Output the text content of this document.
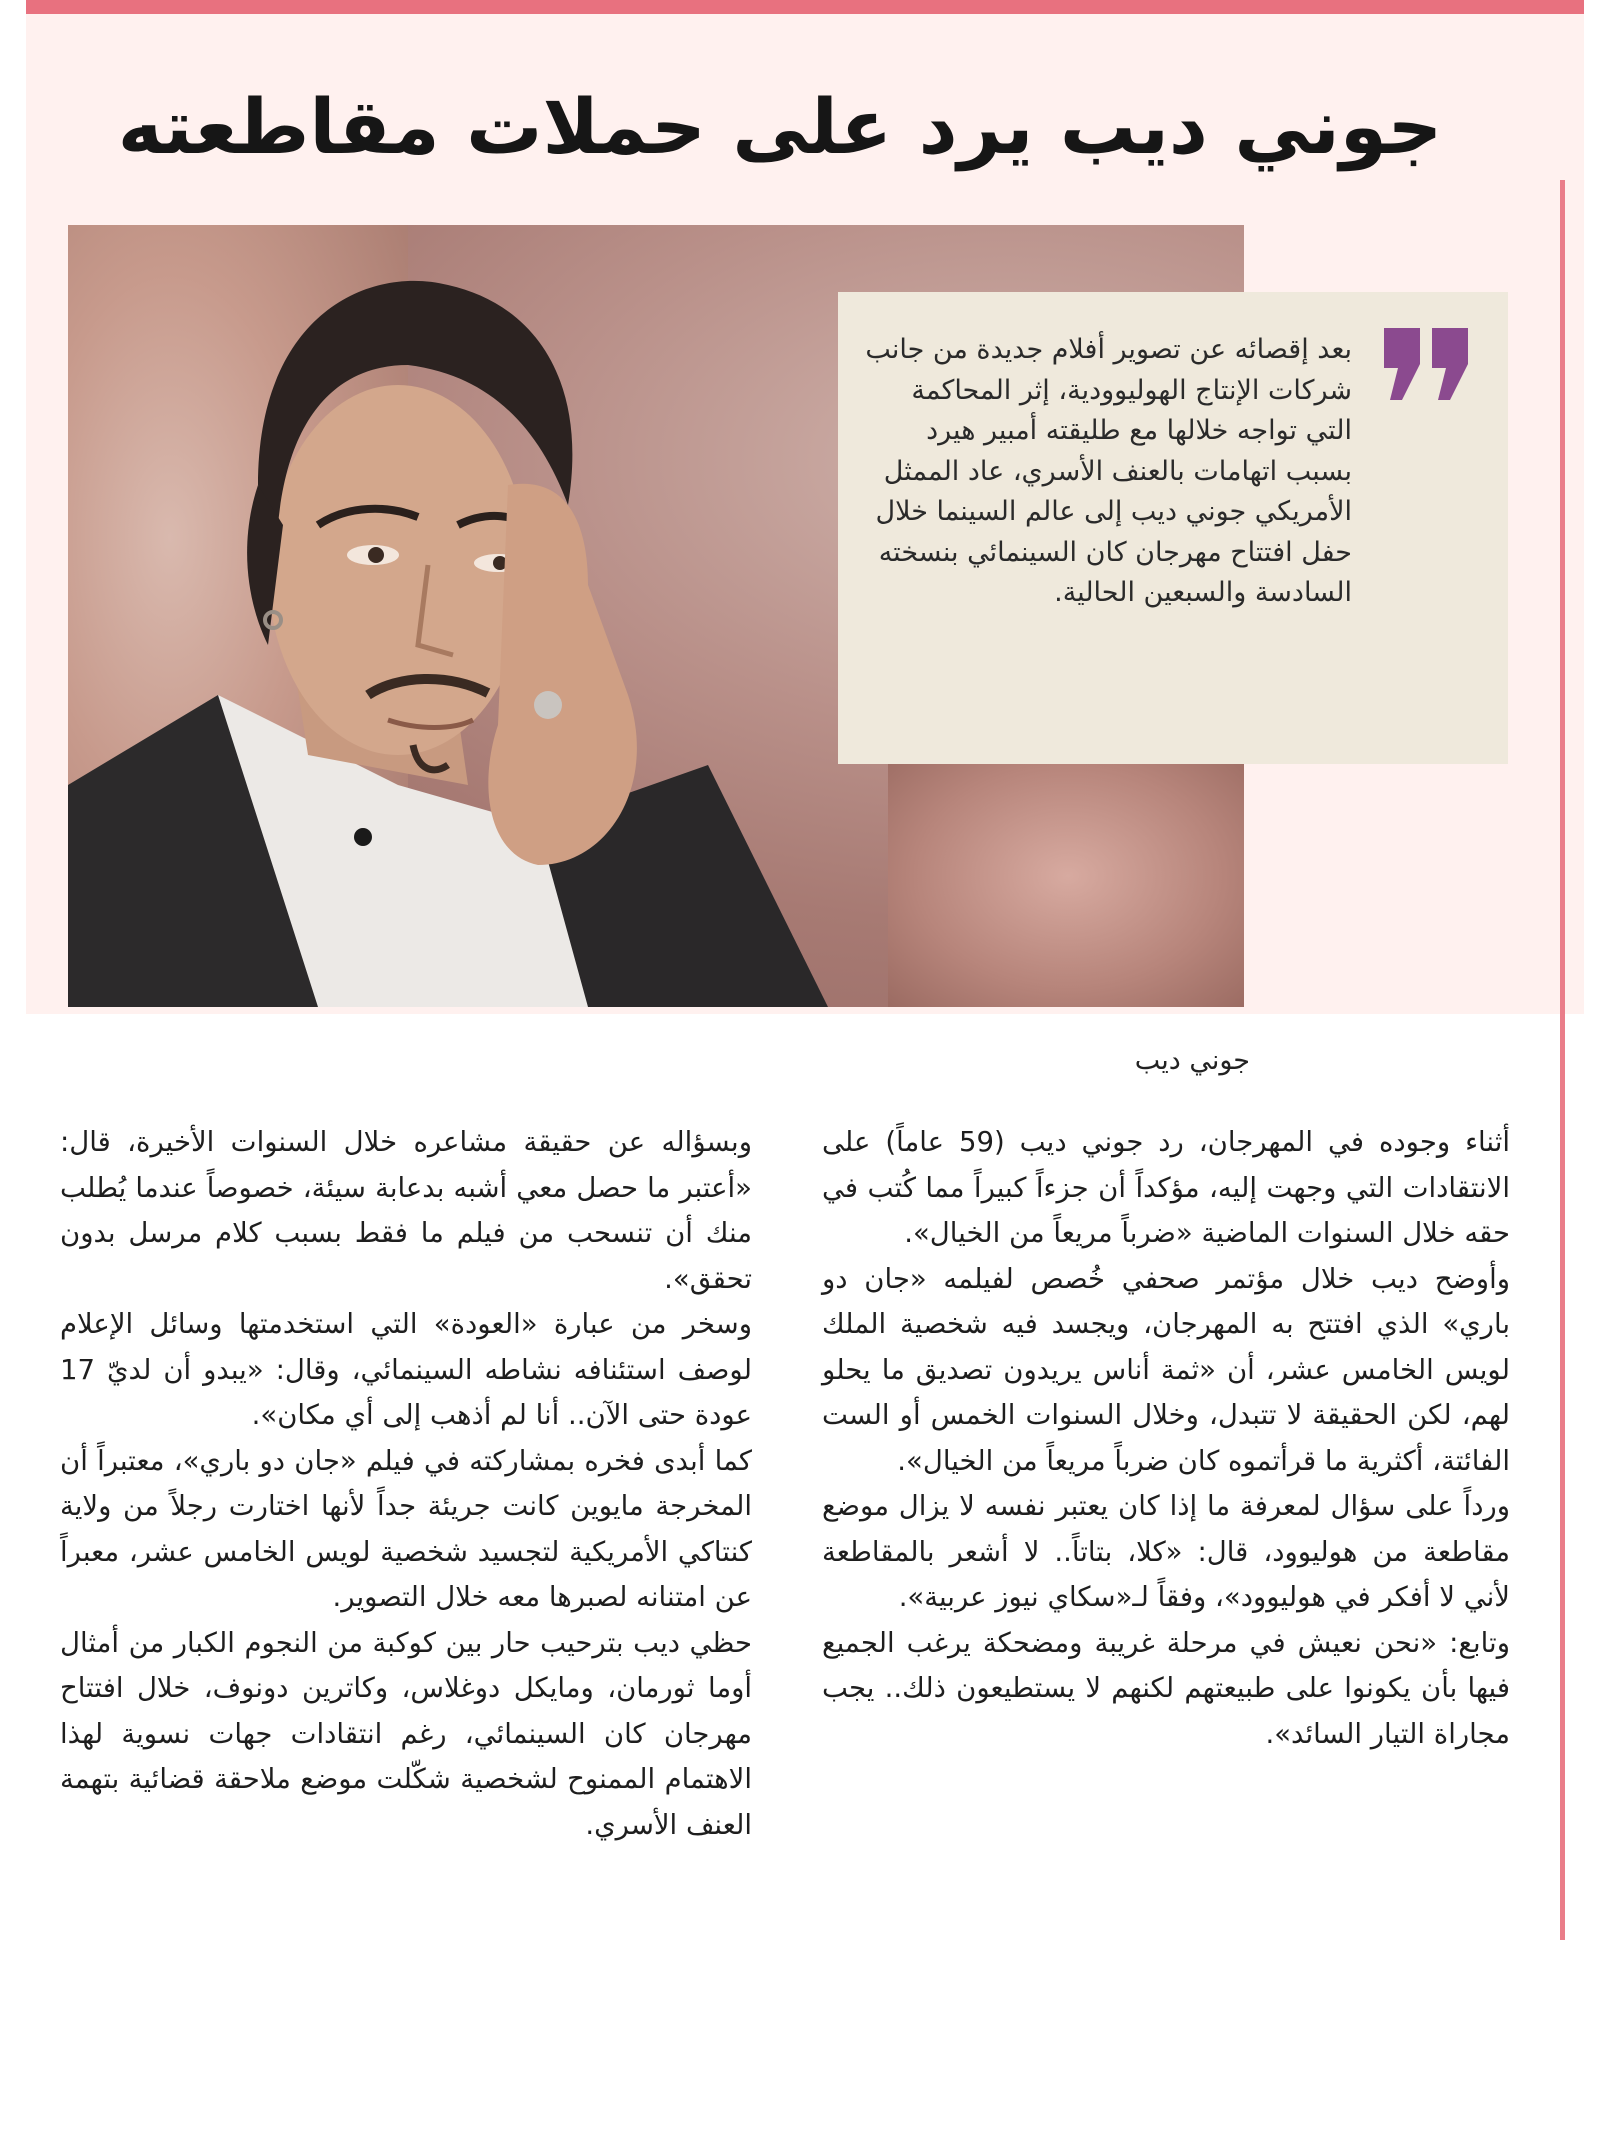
جوني ديب يرد على حملات مقاطعته

بعد إقصائه عن تصوير أفلام جديدة من جانب شركات الإنتاج الهوليوودية، إثر المحاكمة التي تواجه خلالها مع طليقته أمبير هيرد بسبب اتهامات بالعنف الأسري، عاد الممثل الأمريكي جوني ديب إلى عالم السينما خلال حفل افتتاح مهرجان كان السينمائي بنسخته السادسة والسبعين الحالية.

جوني ديب

أثناء وجوده في المهرجان، رد جوني ديب (59 عاماً) على الانتقادات التي وجهت إليه، مؤكداً أن جزءاً كبيراً مما كُتب في حقه خلال السنوات الماضية «ضرباً مريعاً من الخيال».

وأوضح ديب خلال مؤتمر صحفي خُصص لفيلمه «جان دو باري» الذي افتتح به المهرجان، ويجسد فيه شخصية الملك لويس الخامس عشر، أن «ثمة أناس يريدون تصديق ما يحلو لهم، لكن الحقيقة لا تتبدل، وخلال السنوات الخمس أو الست الفائتة، أكثرية ما قرأتموه كان ضرباً مريعاً من الخيال».

ورداً على سؤال لمعرفة ما إذا كان يعتبر نفسه لا يزال موضع مقاطعة من هوليوود، قال: «كلا، بتاتاً.. لا أشعر بالمقاطعة لأني لا أفكر في هوليوود»، وفقاً لـ«سكاي نيوز عربية».

وتابع: «نحن نعيش في مرحلة غريبة ومضحكة يرغب الجميع فيها بأن يكونوا على طبيعتهم لكنهم لا يستطيعون ذلك.. يجب مجاراة التيار السائد».

وبسؤاله عن حقيقة مشاعره خلال السنوات الأخيرة، قال: «أعتبر ما حصل معي أشبه بدعابة سيئة، خصوصاً عندما يُطلب منك أن تنسحب من فيلم ما فقط بسبب كلام مرسل بدون تحقق».

وسخر من عبارة «العودة» التي استخدمتها وسائل الإعلام لوصف استئنافه نشاطه السينمائي، وقال: «يبدو أن لديّ 17 عودة حتى الآن.. أنا لم أذهب إلى أي مكان».

كما أبدى فخره بمشاركته في فيلم «جان دو باري»، معتبراً أن المخرجة مايوين كانت جريئة جداً لأنها اختارت رجلاً من ولاية كنتاكي الأمريكية لتجسيد شخصية لويس الخامس عشر، معبراً عن امتنانه لصبرها معه خلال التصوير.

حظي ديب بترحيب حار بين كوكبة من النجوم الكبار من أمثال أوما ثورمان، ومايكل دوغلاس، وكاترين دونوف، خلال افتتاح مهرجان كان السينمائي، رغم انتقادات جهات نسوية لهذا الاهتمام الممنوح لشخصية شكّلت موضع ملاحقة قضائية بتهمة العنف الأسري.
